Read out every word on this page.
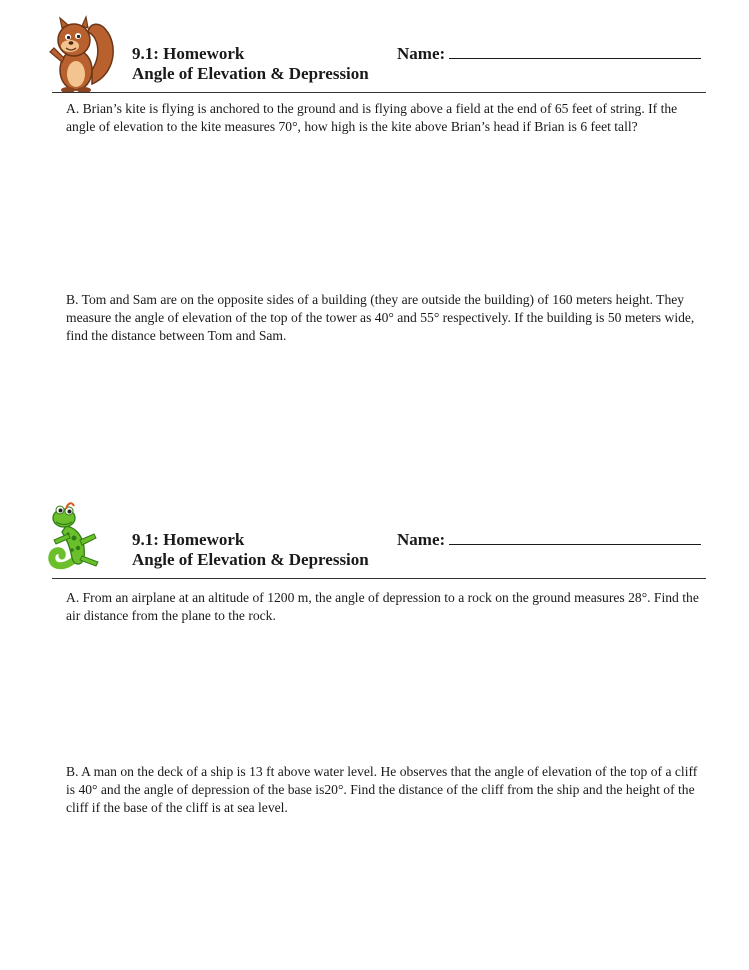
9.1: Homework
Angle of Elevation & Depression
Name:
A. Brian’s kite is flying is anchored to the ground and is flying above a field at the end of 65 feet of string. If the angle of elevation to the kite measures 70°, how high is the kite above Brian’s head if Brian is 6 feet tall?
B. Tom and Sam are on the opposite sides of a building (they are outside the building) of 160 meters height. They measure the angle of elevation of the top of the tower as 40° and 55° respectively. If the building is 50 meters wide, find the distance between Tom and Sam.
9.1: Homework
Angle of Elevation & Depression
Name:
A. From an airplane at an altitude of 1200 m, the angle of depression to a rock on the ground measures 28°. Find the air distance from the plane to the rock.
B. A man on the deck of a ship is 13 ft above water level. He observes that the angle of elevation of the top of a cliff is 40° and the angle of depression of the base is20°. Find the distance of the cliff from the ship and the height of the cliff if the base of the cliff is at sea level.
